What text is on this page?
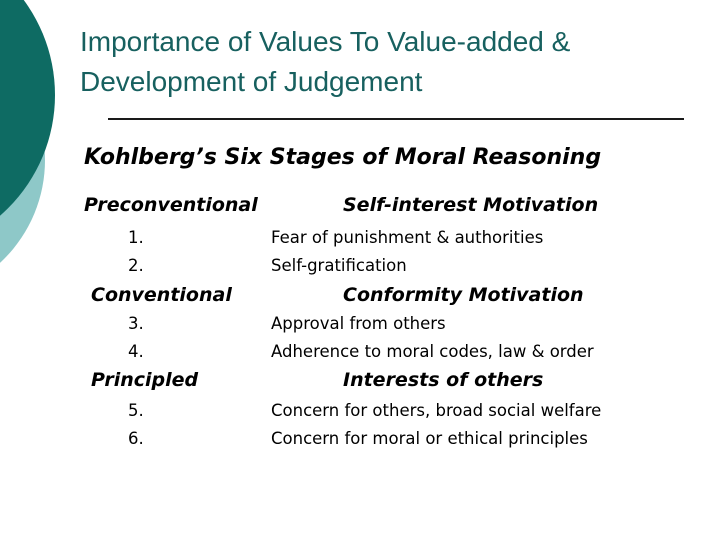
Importance of Values To Value-added &
Development of Judgement
Kohlberg’s Six Stages of Moral Reasoning
Preconventional	Self-interest Motivation
1.	Fear of punishment & authorities
2.	Self-gratification
Conventional	Conformity Motivation
3.	Approval from others
4.	Adherence to moral codes, law & order
Principled	Interests of others
5.	Concern for others, broad social welfare
6.	Concern for moral or ethical principles
